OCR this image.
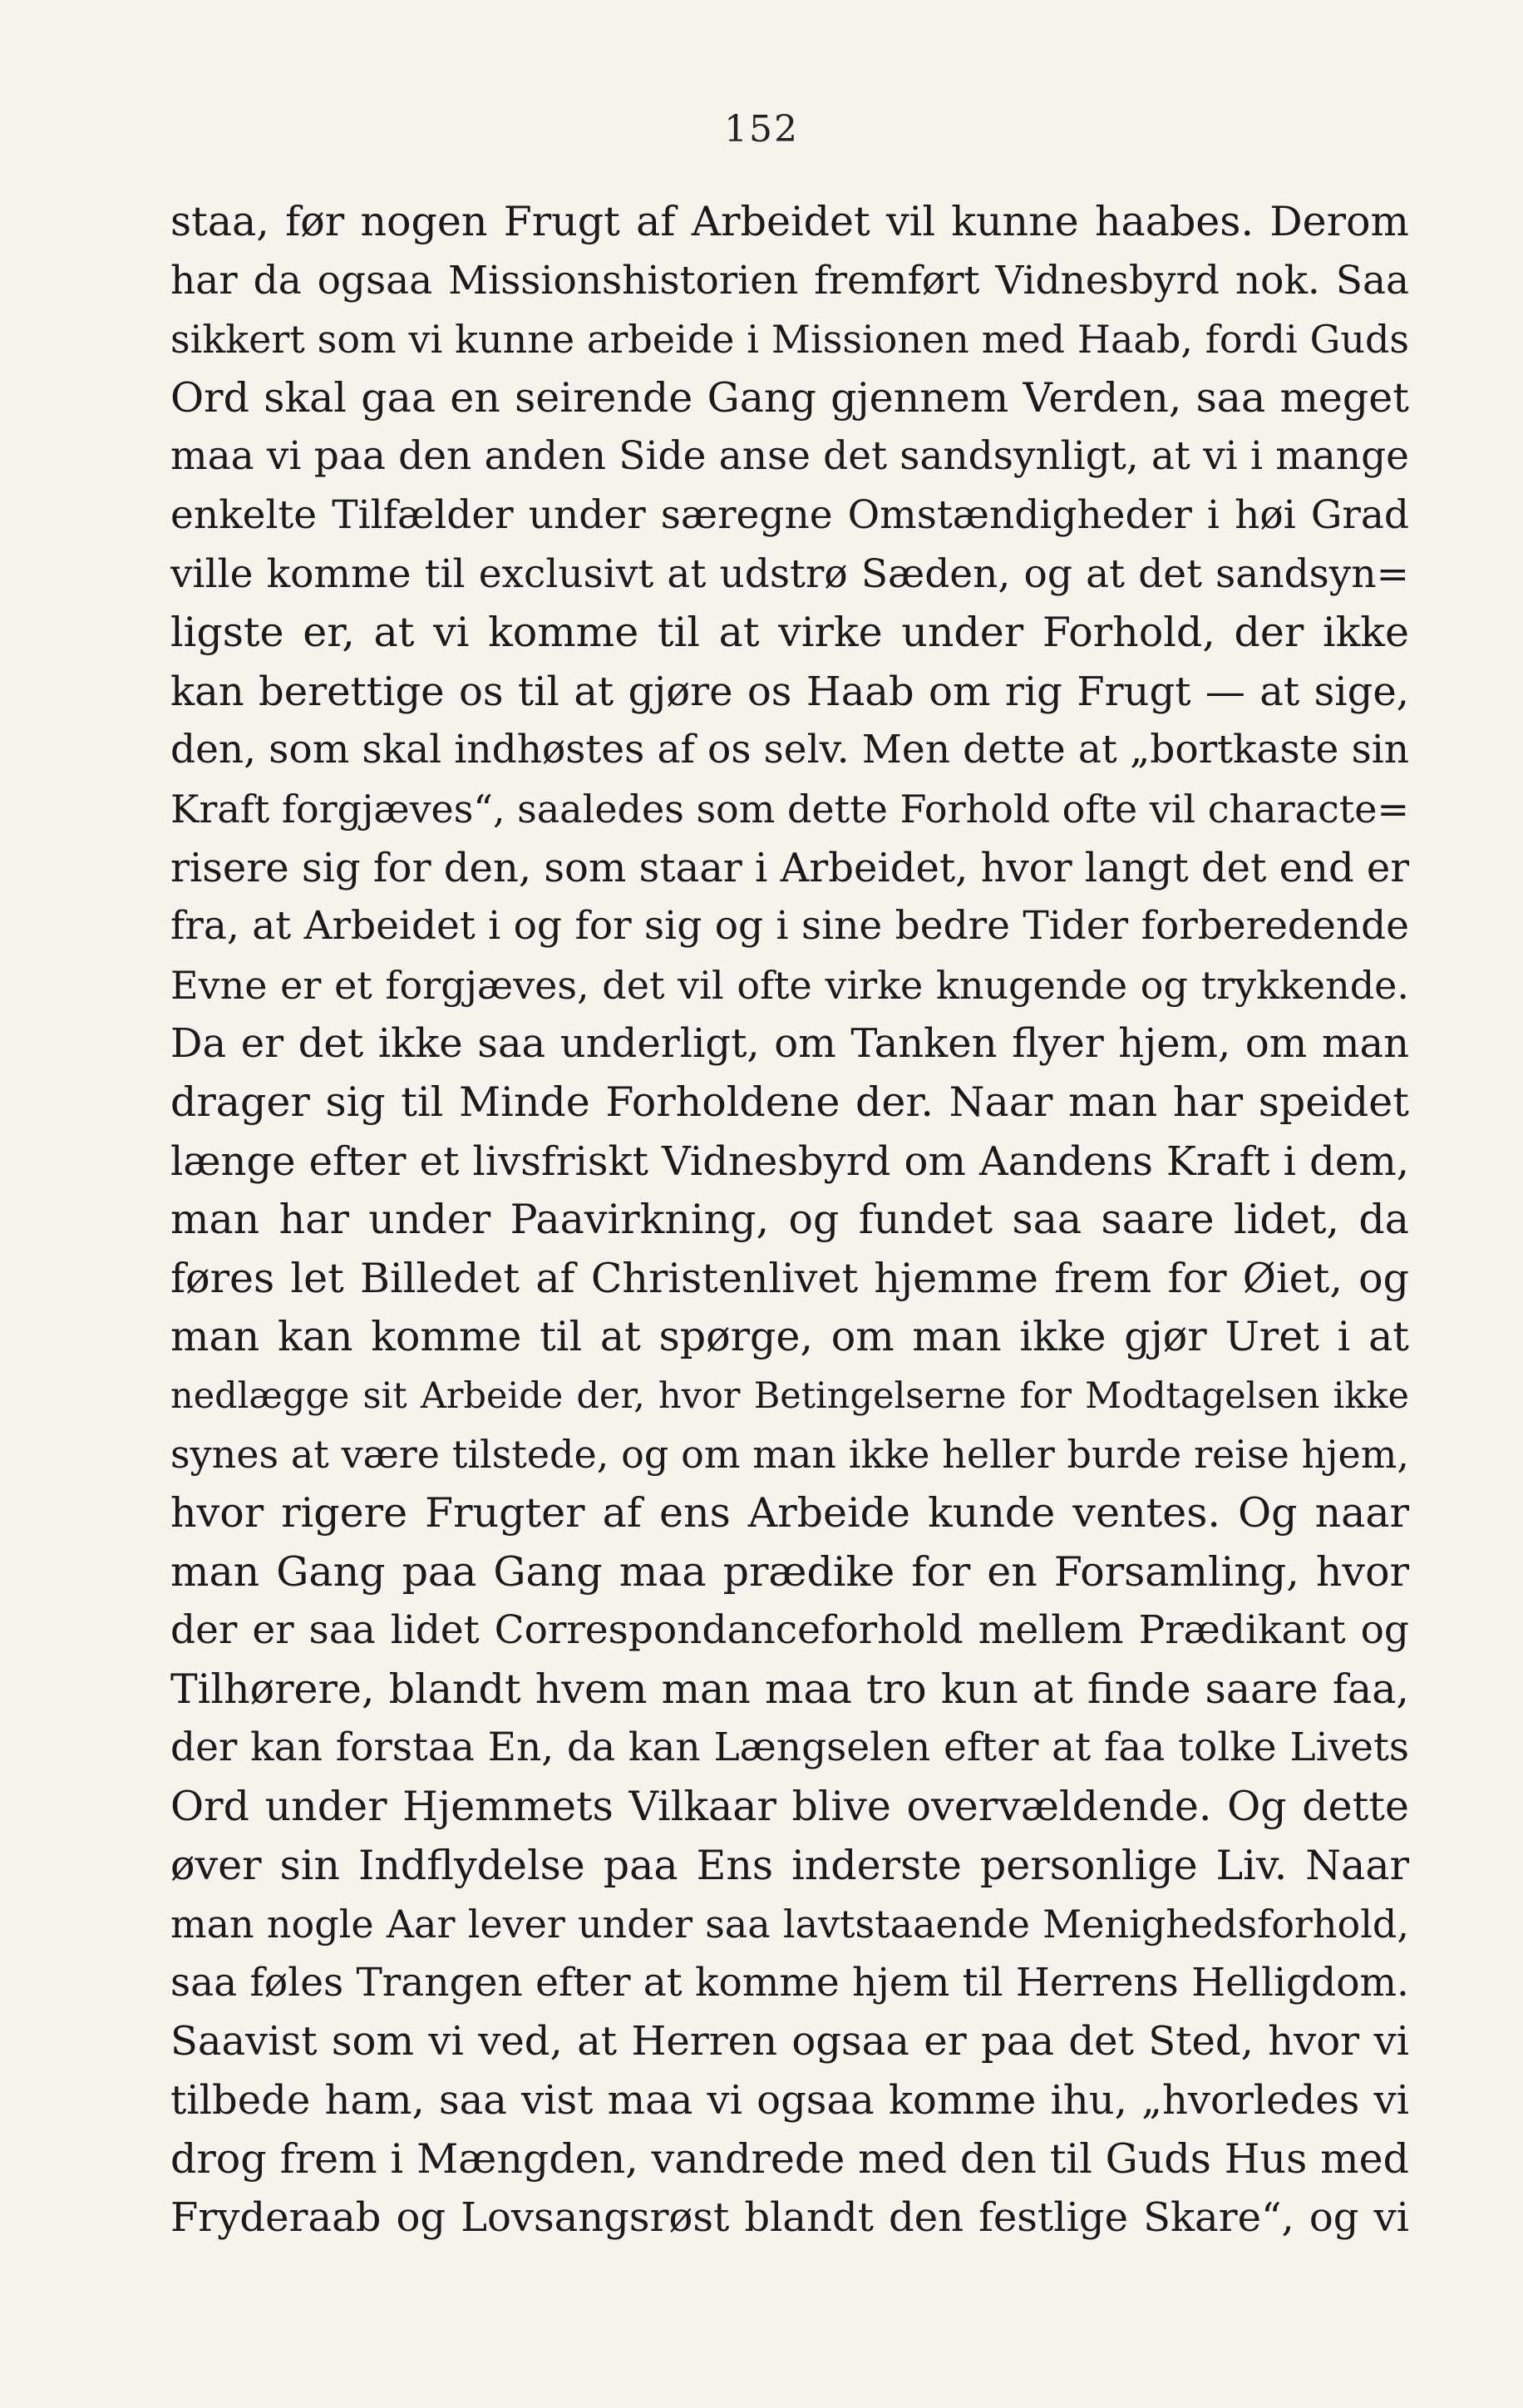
152
staa, før nogen Frugt af Arbeidet vil kunne haabes. Derom
har da ogsaa Missionshistorien fremført Vidnesbyrd nok. Saa
sikkert som vi kunne arbeide i Missionen med Haab, fordi Guds
Ord skal gaa en seirende Gang gjennem Verden, saa meget
maa vi paa den anden Side anse det sandsynligt, at vi i mange
enkelte Tilfælder under særegne Omstændigheder i høi Grad
ville komme til exclusivt at udstrø Sæden, og at det sandsyn=
ligste er, at vi komme til at virke under Forhold, der ikke
kan berettige os til at gjøre os Haab om rig Frugt — at sige,
den, som skal indhøstes af os selv. Men dette at „bortkaste sin
Kraft forgjæves“, saaledes som dette Forhold ofte vil characte=
risere sig for den, som staar i Arbeidet, hvor langt det end er
fra, at Arbeidet i og for sig og i sine bedre Tider forberedende
Evne er et forgjæves, det vil ofte virke knugende og trykkende.
Da er det ikke saa underligt, om Tanken flyer hjem, om man
drager sig til Minde Forholdene der. Naar man har speidet
længe efter et livsfriskt Vidnesbyrd om Aandens Kraft i dem,
man har under Paavirkning, og fundet saa saare lidet, da
føres let Billedet af Christenlivet hjemme frem for Øiet, og
man kan komme til at spørge, om man ikke gjør Uret i at
nedlægge sit Arbeide der, hvor Betingelserne for Modtagelsen ikke
synes at være tilstede, og om man ikke heller burde reise hjem,
hvor rigere Frugter af ens Arbeide kunde ventes. Og naar
man Gang paa Gang maa prædike for en Forsamling, hvor
der er saa lidet Correspondanceforhold mellem Prædikant og
Tilhørere, blandt hvem man maa tro kun at finde saare faa,
der kan forstaa En, da kan Længselen efter at faa tolke Livets
Ord under Hjemmets Vilkaar blive overvældende. Og dette
øver sin Indflydelse paa Ens inderste personlige Liv. Naar
man nogle Aar lever under saa lavtstaaende Menighedsforhold,
saa føles Trangen efter at komme hjem til Herrens Helligdom.
Saavist som vi ved, at Herren ogsaa er paa det Sted, hvor vi
tilbede ham, saa vist maa vi ogsaa komme ihu, „hvorledes vi
drog frem i Mængden, vandrede med den til Guds Hus med
Fryderaab og Lovsangsrøst blandt den festlige Skare“, og vi
